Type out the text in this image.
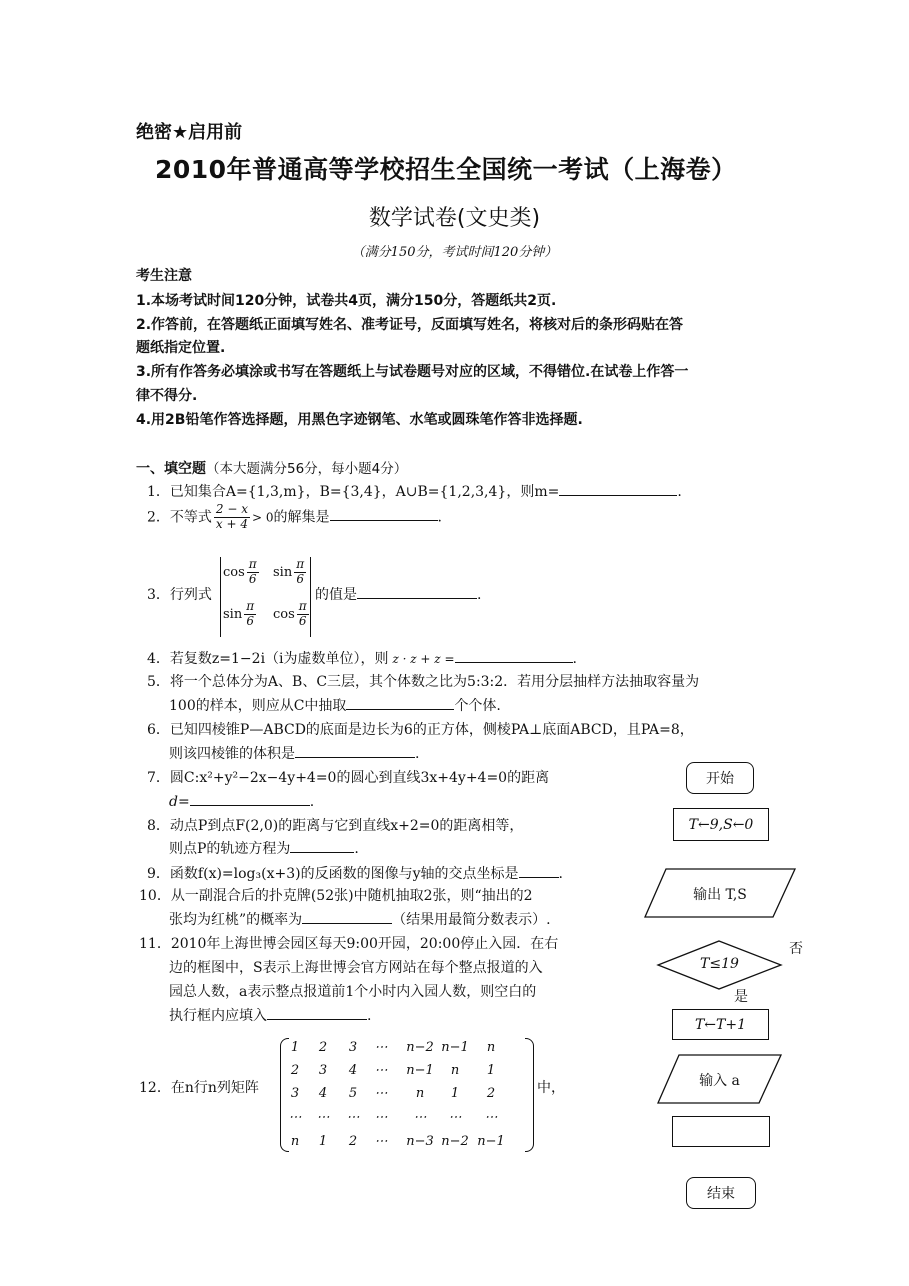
绝密★启用前
2010年普通高等学校招生全国统一考试（上海卷）
数学试卷(文史类)
（满分150分，考试时间120分钟）
考生注意
1.本场考试时间120分钟，试卷共4页，满分150分，答题纸共2页.
2.作答前，在答题纸正面填写姓名、准考证号，反面填写姓名，将核对后的条形码贴在答
题纸指定位置.
3.所有作答务必填涂或书写在答题纸上与试卷题号对应的区域，不得错位.在试卷上作答一
律不得分.
4.用2B铅笔作答选择题，用黑色字迹钢笔、水笔或圆珠笔作答非选择题.
一、填空题（本大题满分56分，每小题4分）
1．已知集合A={1,3,m}，B={3,4}，A∪B={1,2,3,4}，则m=	.
2．不等式 $\frac{2 - x}{x + 4} > 0$的解集是	.
3．行列式
$\cos \frac{\pi}{6}$ $\sin \frac{\pi}{6}$
$\sin \frac{\pi}{6}$ $\cos \frac{\pi}{6}$
的值是	.
4．若复数z=1−2i（i为虚数单位），则 z · z + z =	.
5．将一个总体分为A、B、C三层，其个体数之比为5:3:2．若用分层抽样方法抽取容量为
100的样本，则应从C中抽取	个个体.
6．已知四棱锥P—ABCD的底面是边长为6的正方体，侧棱PA⊥底面ABCD，且PA=8，
则该四棱锥的体积是	.
7．圆C:x²+y²−2x−4y+4=0的圆心到直线3x+4y+4=0的距离
d=	.
8．动点P到点F(2,0)的距离与它到直线x+2=0的距离相等，
则点P的轨迹方程为	.
9．函数f(x)=log₃(x+3)的反函数的图像与y轴的交点坐标是	.
10．从一副混合后的扑克牌(52张)中随机抽取2张，则“抽出的2
张均为红桃”的概率为	（结果用最简分数表示）.
11．2010年上海世博会园区每天9:00开园，20:00停止入园．在右
边的框图中，S表示上海世博会官方网站在每个整点报道的入
园总人数，a表示整点报道前1个小时内入园人数，则空白的
执行框内应填入	.
12．在n行n列矩阵
1	2	3	⋯	n−2 n−1	n
2	3	4	⋯	n−1	n	1
3	4	5	⋯	n	1	2
⋯	⋯	⋯	⋯	⋯	⋯	⋯
n	1	2	⋯	n−3 n−2 n−1
中，
开始
T←9,S←0
输出 T,S
T≤19
否
是
T←T+1
输入 a
结束
